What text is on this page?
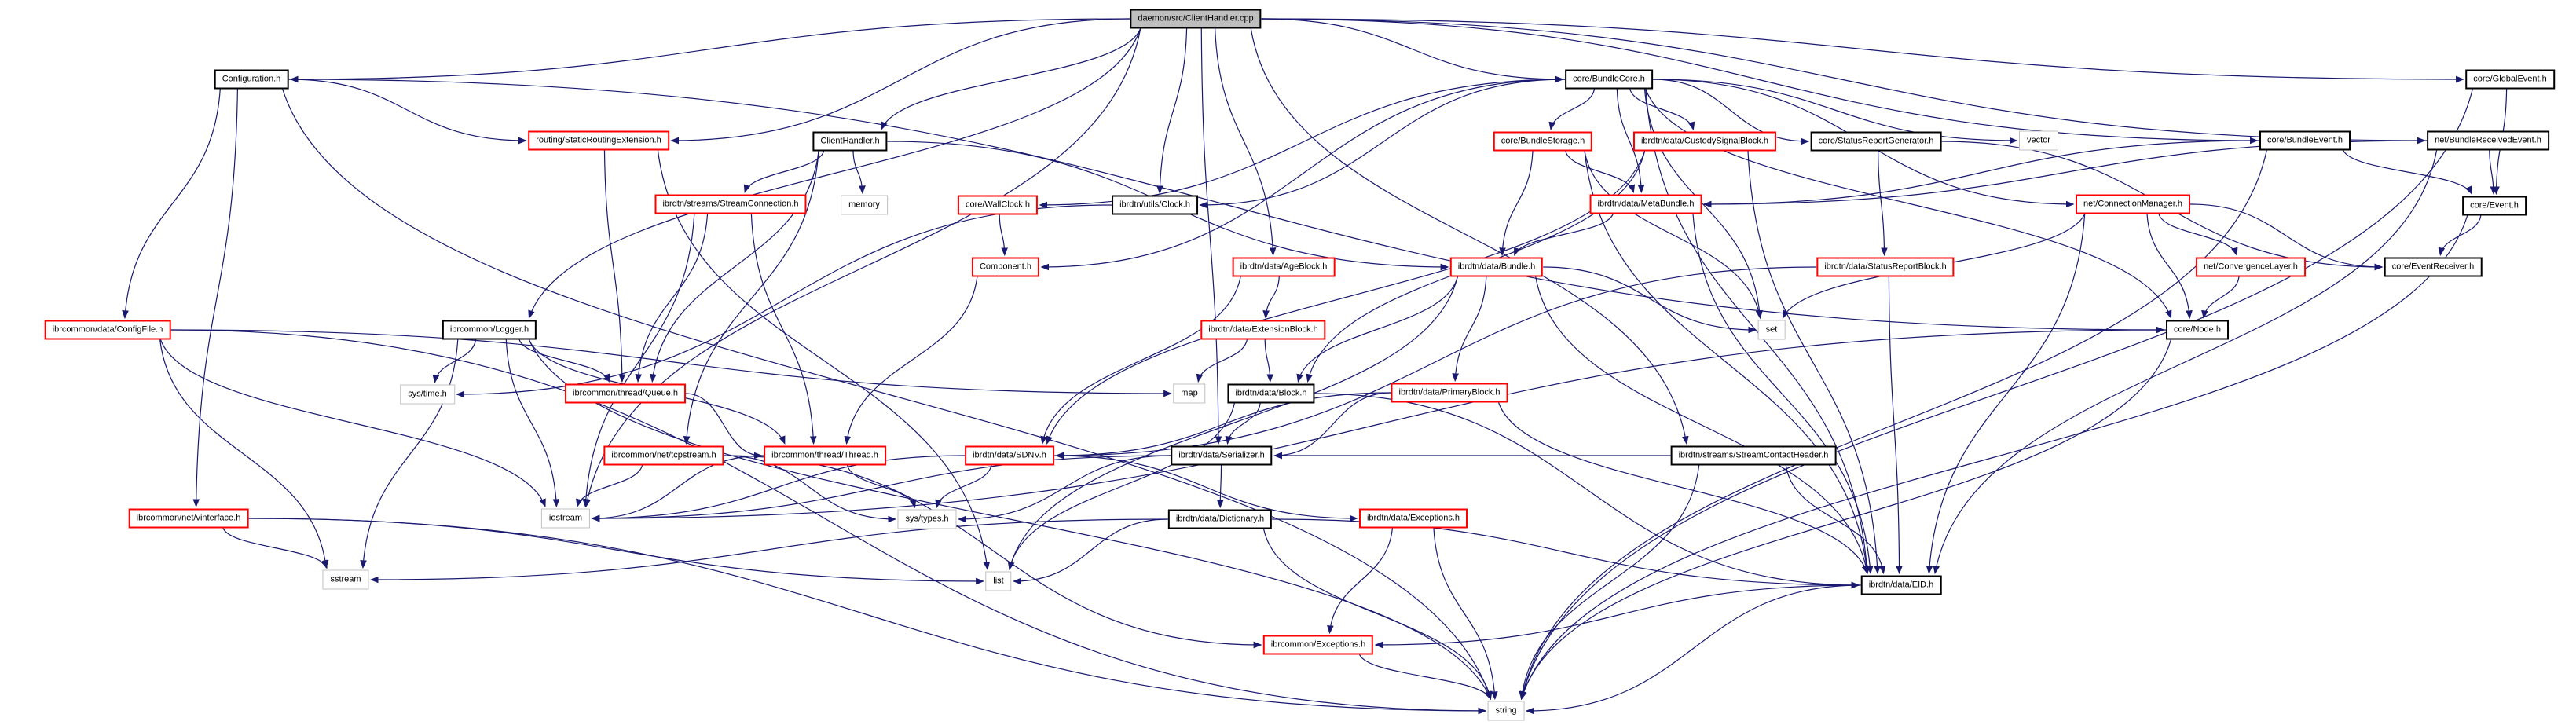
daemon/src/ClientHandler.cpp
Configuration.h	core/BundleCore.h	core/GlobalEvent.h
routing/StaticRoutingExtension.h	ClientHandler.h	core/BundleStorage.h	ibrdtn/data/CustodySignalBlock.h	core/StatusReportGenerator.h	vector	core/BundleEvent.h	net/BundleReceivedEvent.h
ibrdtn/streams/StreamConnection.h	memory	core/WallClock.h	ibrdtn/utils/Clock.h	ibrdtn/data/MetaBundle.h	net/ConnectionManager.h	core/Event.h
Component.h	ibrdtn/data/AgeBlock.h	ibrdtn/data/Bundle.h	ibrdtn/data/StatusReportBlock.h	net/ConvergenceLayer.h	core/EventReceiver.h
ibrcommon/data/ConfigFile.h	ibrcommon/Logger.h	ibrdtn/data/ExtensionBlock.h	set	core/Node.h
sys/time.h	ibrcommon/thread/Queue.h	map	ibrdtn/data/Block.h	ibrdtn/data/PrimaryBlock.h
ibrcommon/net/tcpstream.h	ibrcommon/thread/Thread.h	ibrdtn/data/SDNV.h	ibrdtn/data/Serializer.h	ibrdtn/streams/StreamContactHeader.h
ibrcommon/net/vinterface.h	iostream	sys/types.h	ibrdtn/data/Dictionary.h	ibrdtn/data/Exceptions.h
sstream	list	ibrdtn/data/EID.h
ibrcommon/Exceptions.h
string
